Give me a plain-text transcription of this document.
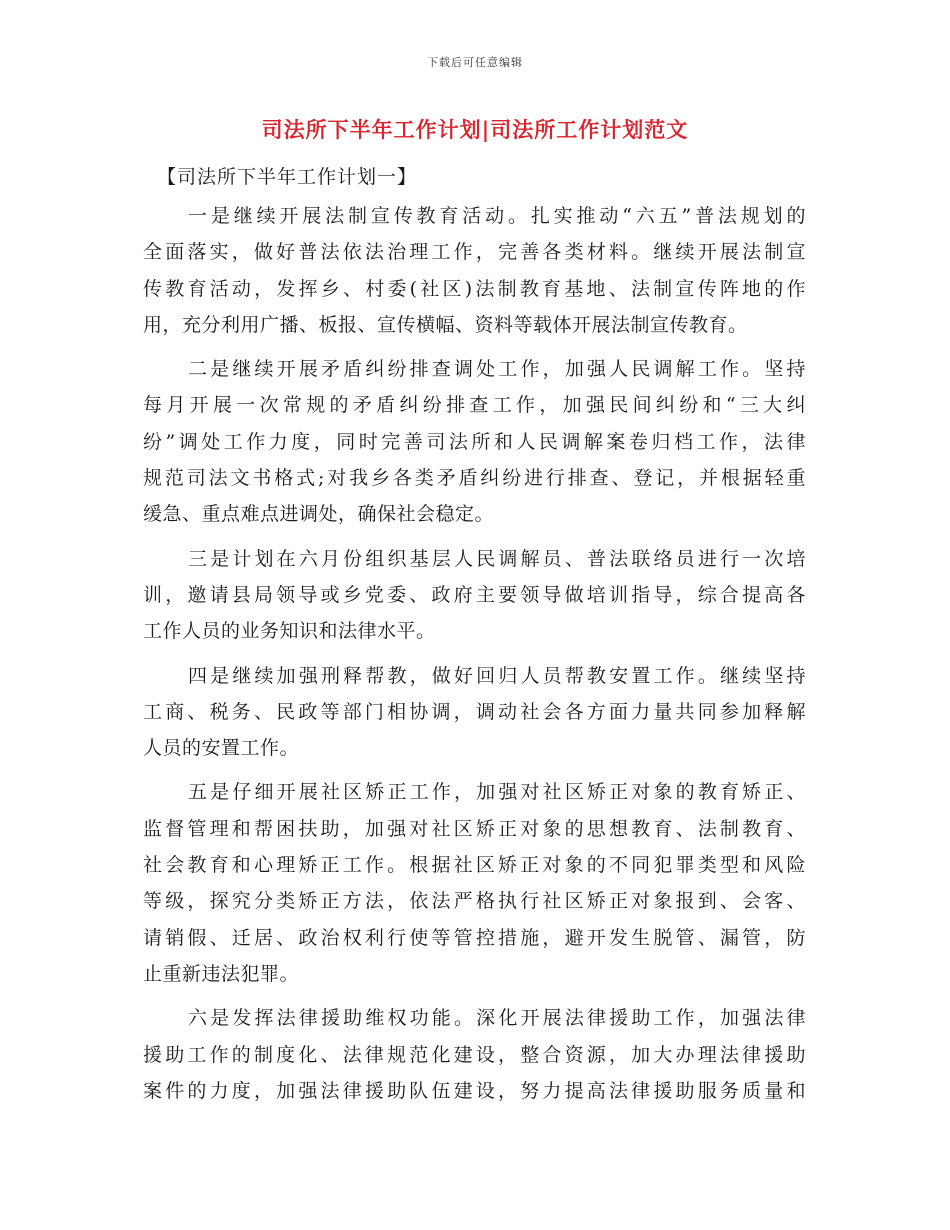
下载后可任意编辑
司法所下半年工作计划|司法所工作计划范文
【司法所下半年工作计划一】
一是继续开展法制宣传教育活动。扎实推动“六五”普法规划的
全面落实，做好普法依法治理工作，完善各类材料。继续开展法制宣
传教育活动，发挥乡、村委(社区)法制教育基地、法制宣传阵地的作
用，充分利用广播、板报、宣传横幅、资料等载体开展法制宣传教育。
二是继续开展矛盾纠纷排查调处工作，加强人民调解工作。坚持
每月开展一次常规的矛盾纠纷排查工作，加强民间纠纷和“三大纠
纷”调处工作力度，同时完善司法所和人民调解案卷归档工作，法律
规范司法文书格式;对我乡各类矛盾纠纷进行排查、登记，并根据轻重
缓急、重点难点进调处，确保社会稳定。
三是计划在六月份组织基层人民调解员、普法联络员进行一次培
训，邀请县局领导或乡党委、政府主要领导做培训指导，综合提高各
工作人员的业务知识和法律水平。
四是继续加强刑释帮教，做好回归人员帮教安置工作。继续坚持
工商、税务、民政等部门相协调，调动社会各方面力量共同参加释解
人员的安置工作。
五是仔细开展社区矫正工作，加强对社区矫正对象的教育矫正、
监督管理和帮困扶助，加强对社区矫正对象的思想教育、法制教育、
社会教育和心理矫正工作。根据社区矫正对象的不同犯罪类型和风险
等级，探究分类矫正方法，依法严格执行社区矫正对象报到、会客、
请销假、迁居、政治权利行使等管控措施，避开发生脱管、漏管，防
止重新违法犯罪。
六是发挥法律援助维权功能。深化开展法律援助工作，加强法律
援助工作的制度化、法律规范化建设，整合资源，加大办理法律援助
案件的力度，加强法律援助队伍建设，努力提高法律援助服务质量和
